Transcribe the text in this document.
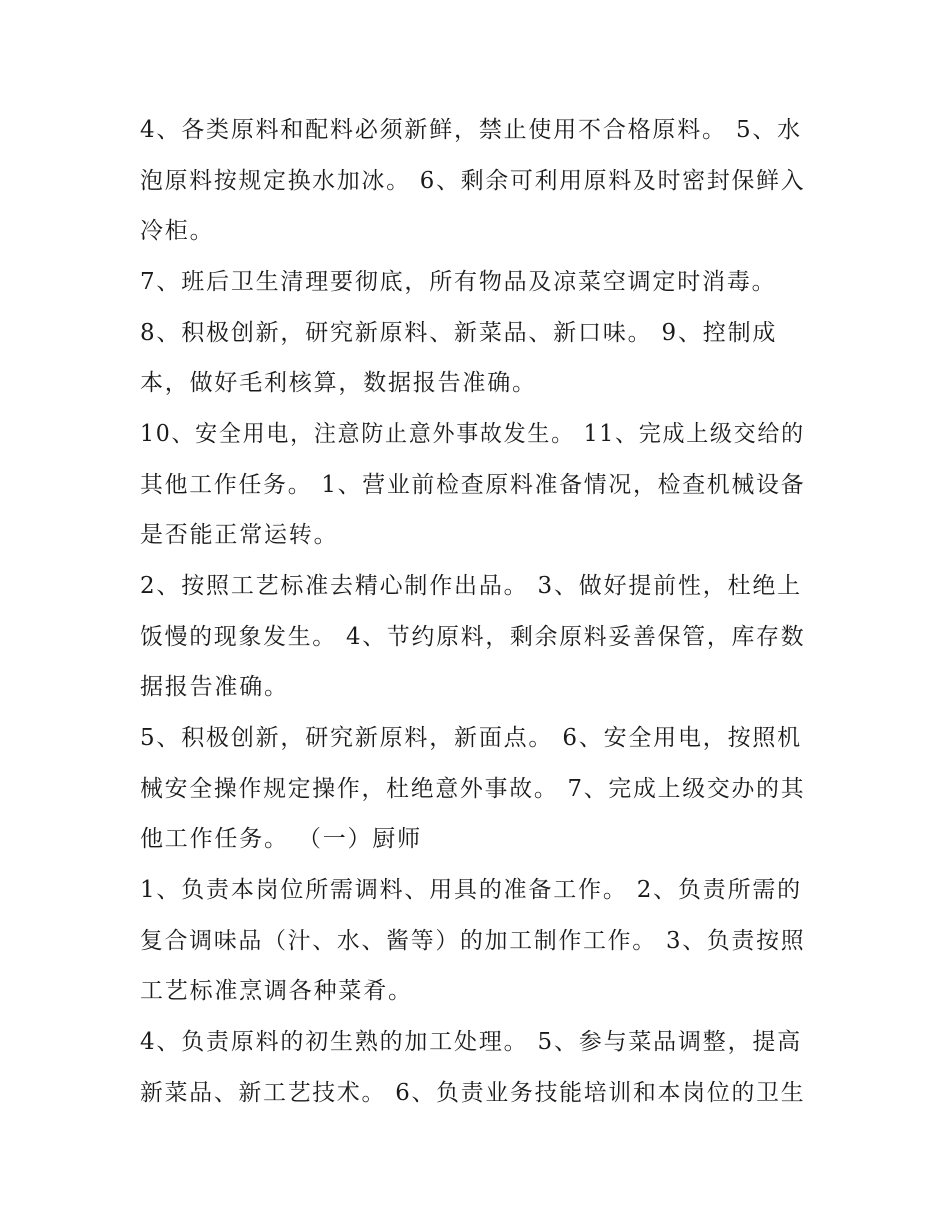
4、各类原料和配料必须新鲜，禁止使用不合格原料。 5、水
泡原料按规定换水加冰。 6、剩余可利用原料及时密封保鲜入
冷柜。
7、班后卫生清理要彻底，所有物品及凉菜空调定时消毒。
8、积极创新，研究新原料、新菜品、新口味。 9、控制成
本，做好毛利核算，数据报告准确。
10、安全用电，注意防止意外事故发生。 11、完成上级交给的
其他工作任务。 1、营业前检查原料准备情况，检查机械设备
是否能正常运转。
2、按照工艺标准去精心制作出品。 3、做好提前性，杜绝上
饭慢的现象发生。 4、节约原料，剩余原料妥善保管，库存数
据报告准确。
5、积极创新，研究新原料，新面点。 6、安全用电，按照机
械安全操作规定操作，杜绝意外事故。 7、完成上级交办的其
他工作任务。 （一）厨师
1、负责本岗位所需调料、用具的准备工作。 2、负责所需的
复合调味品（汁、水、酱等）的加工制作工作。 3、负责按照
工艺标准烹调各种菜肴。
4、负责原料的初生熟的加工处理。 5、参与菜品调整，提高
新菜品、新工艺技术。 6、负责业务技能培训和本岗位的卫生
